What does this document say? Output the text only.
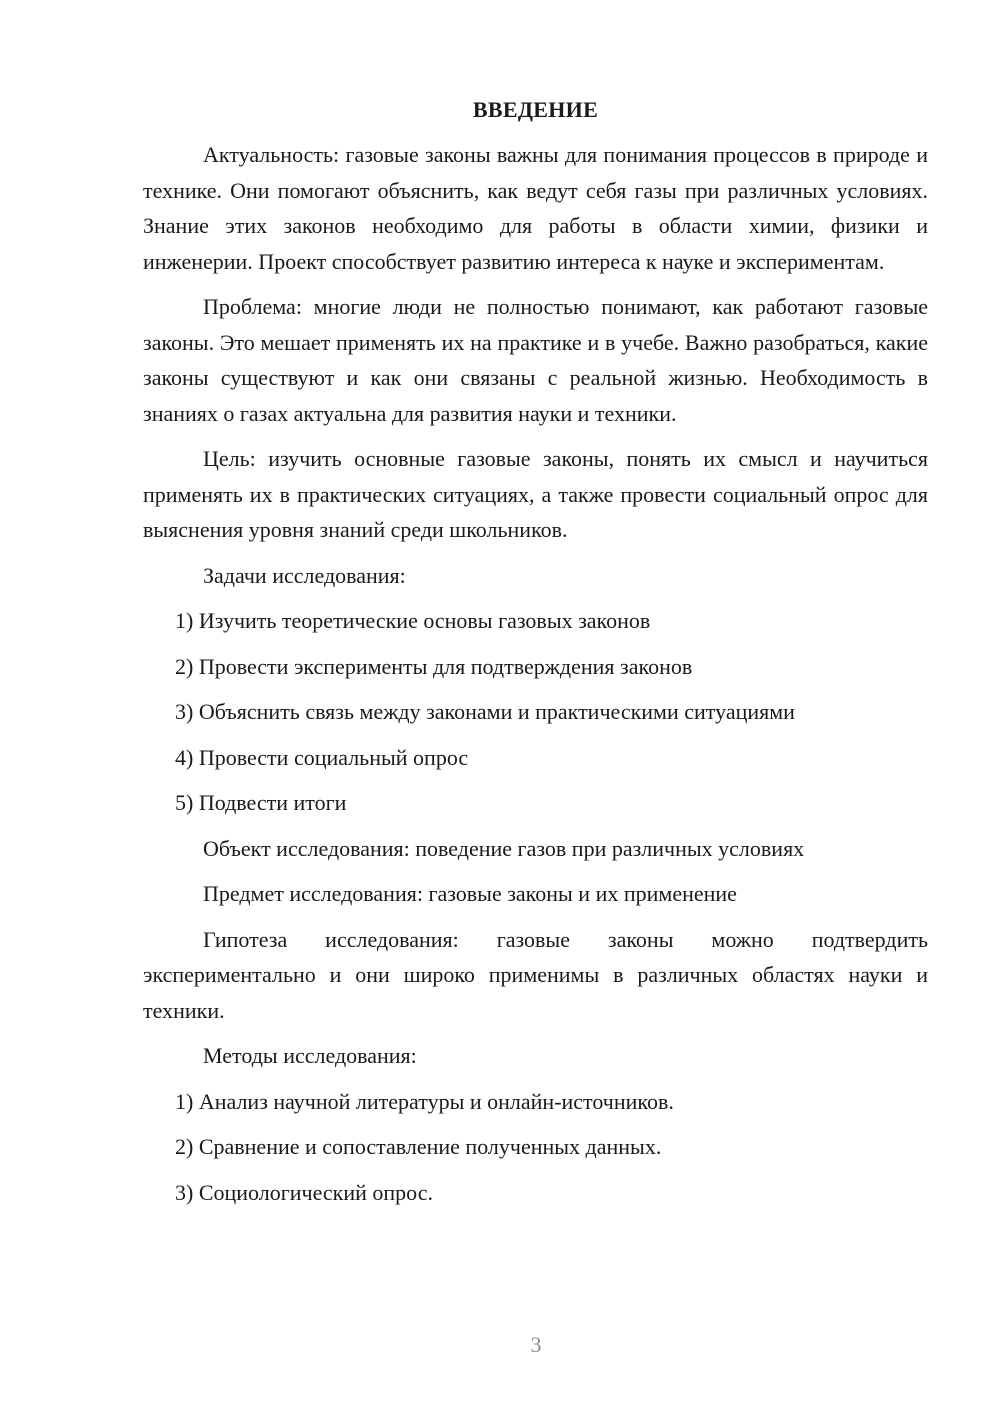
ВВЕДЕНИЕ

Актуальность: газовые законы важны для понимания процессов в природе и технике. Они помогают объяснить, как ведут себя газы при различных условиях. Знание этих законов необходимо для работы в области химии, физики и инженерии. Проект способствует развитию интереса к науке и экспериментам.

Проблема: многие люди не полностью понимают, как работают газовые законы. Это мешает применять их на практике и в учебе. Важно разобраться, какие законы существуют и как они связаны с реальной жизнью. Необходимость в знаниях о газах актуальна для развития науки и техники.

Цель: изучить основные газовые законы, понять их смысл и научиться применять их в практических ситуациях, а также провести социальный опрос для выяснения уровня знаний среди школьников.

Задачи исследования:
1) Изучить теоретические основы газовых законов
2) Провести эксперименты для подтверждения законов
3) Объяснить связь между законами и практическими ситуациями
4) Провести социальный опрос
5) Подвести итоги
Объект исследования: поведение газов при различных условиях
Предмет исследования: газовые законы и их применение

Гипотеза исследования: газовые законы можно подтвердить экспериментально и они широко применимы в различных областях науки и техники.

Методы исследования:
1) Анализ научной литературы и онлайн-источников.
2) Сравнение и сопоставление полученных данных.
3) Социологический опрос.
3
